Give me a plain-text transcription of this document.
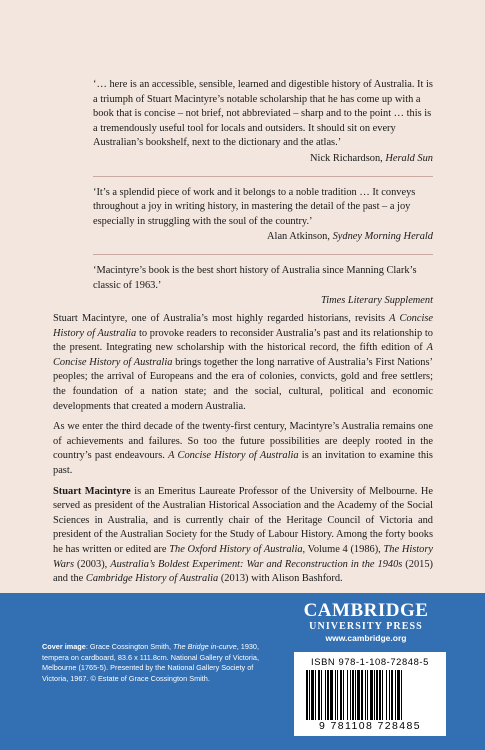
‘… here is an accessible, sensible, learned and digestible history of Australia. It is a triumph of Stuart Macintyre’s notable scholarship that he has come up with a book that is concise – not brief, not abbreviated – sharp and to the point … this is a tremendously useful tool for locals and outsiders. It should sit on every Australian’s bookshelf, next to the dictionary and the atlas.’

Nick Richardson, Herald Sun

‘It’s a splendid piece of work and it belongs to a noble tradition … It conveys throughout a joy in writing history, in mastering the detail of the past – a joy especially in struggling with the soul of the country.’

Alan Atkinson, Sydney Morning Herald

‘Macintyre’s book is the best short history of Australia since Manning Clark’s classic of 1963.’

Times Literary Supplement

Stuart Macintyre, one of Australia’s most highly regarded historians, revisits A Concise History of Australia to provoke readers to reconsider Australia’s past and its relationship to the present. Integrating new scholarship with the historical record, the fifth edition of A Concise History of Australia brings together the long narrative of Australia’s First Nations’ peoples; the arrival of Europeans and the era of colonies, convicts, gold and free settlers; the foundation of a nation state; and the social, cultural, political and economic developments that created a modern Australia.

As we enter the third decade of the twenty-first century, Macintyre’s Australia remains one of achievements and failures. So too the future possibilities are deeply rooted in the country’s past endeavours. A Concise History of Australia is an invitation to examine this past.

Stuart Macintyre is an Emeritus Laureate Professor of the University of Melbourne. He served as president of the Australian Historical Association and the Academy of the Social Sciences in Australia, and is currently chair of the Heritage Council of Victoria and president of the Australian Society for the Study of Labour History. Among the forty books he has written or edited are The Oxford History of Australia, Volume 4 (1986), The History Wars (2003), Australia’s Boldest Experiment: War and Reconstruction in the 1940s (2015) and the Cambridge History of Australia (2013) with Alison Bashford.

Cover image: Grace Cossington Smith, The Bridge in-curve, 1930, tempera on cardboard, 83.6 x 111.8cm. National Gallery of Victoria, Melbourne (1765-5). Presented by the National Gallery Society of Victoria, 1967. © Estate of Grace Cossington Smith.
CAMBRIDGE
UNIVERSITY PRESS
www.cambridge.org
ISBN 978-1-108-72848-5
9 781108 728485
